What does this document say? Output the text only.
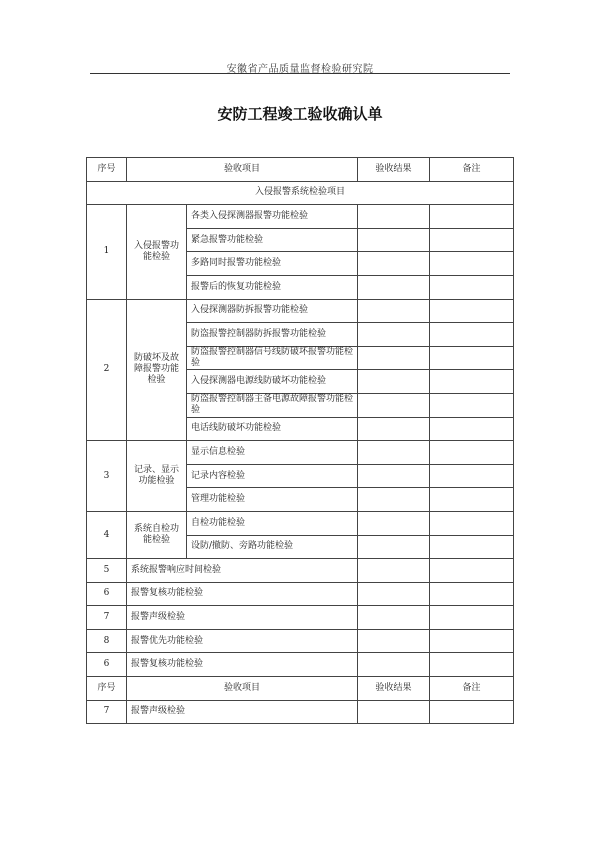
安徽省产品质量监督检验研究院
安防工程竣工验收确认单
序号	验收项目		验收结果	备注
入侵报警系统检验项目				
1	入侵报警功能检验	各类入侵探测器报警功能检验		
		紧急报警功能检验		
		多路同时报警功能检验		
		报警后的恢复功能检验		
2	防破坏及故障报警功能检验	入侵探测器防拆报警功能检验		
		防盗报警控制器防拆报警功能检验		
		防盗报警控制器信号线防破坏报警功能检验		
		入侵探测器电源线防破坏功能检验		
		防盗报警控制器主备电源故障报警功能检验		
		电话线防破坏功能检验		
3	记录、显示功能检验	显示信息检验		
		记录内容检验		
		管理功能检验		
4	系统自检功能检验	自检功能检验		
		设防/撤防、旁路功能检验		
5	系统报警响应时间检验			
6	报警复核功能检验			
7	报警声级检验			
8	报警优先功能检验			
6	报警复核功能检验			
序号	验收项目		验收结果	备注
7	报警声级检验			
